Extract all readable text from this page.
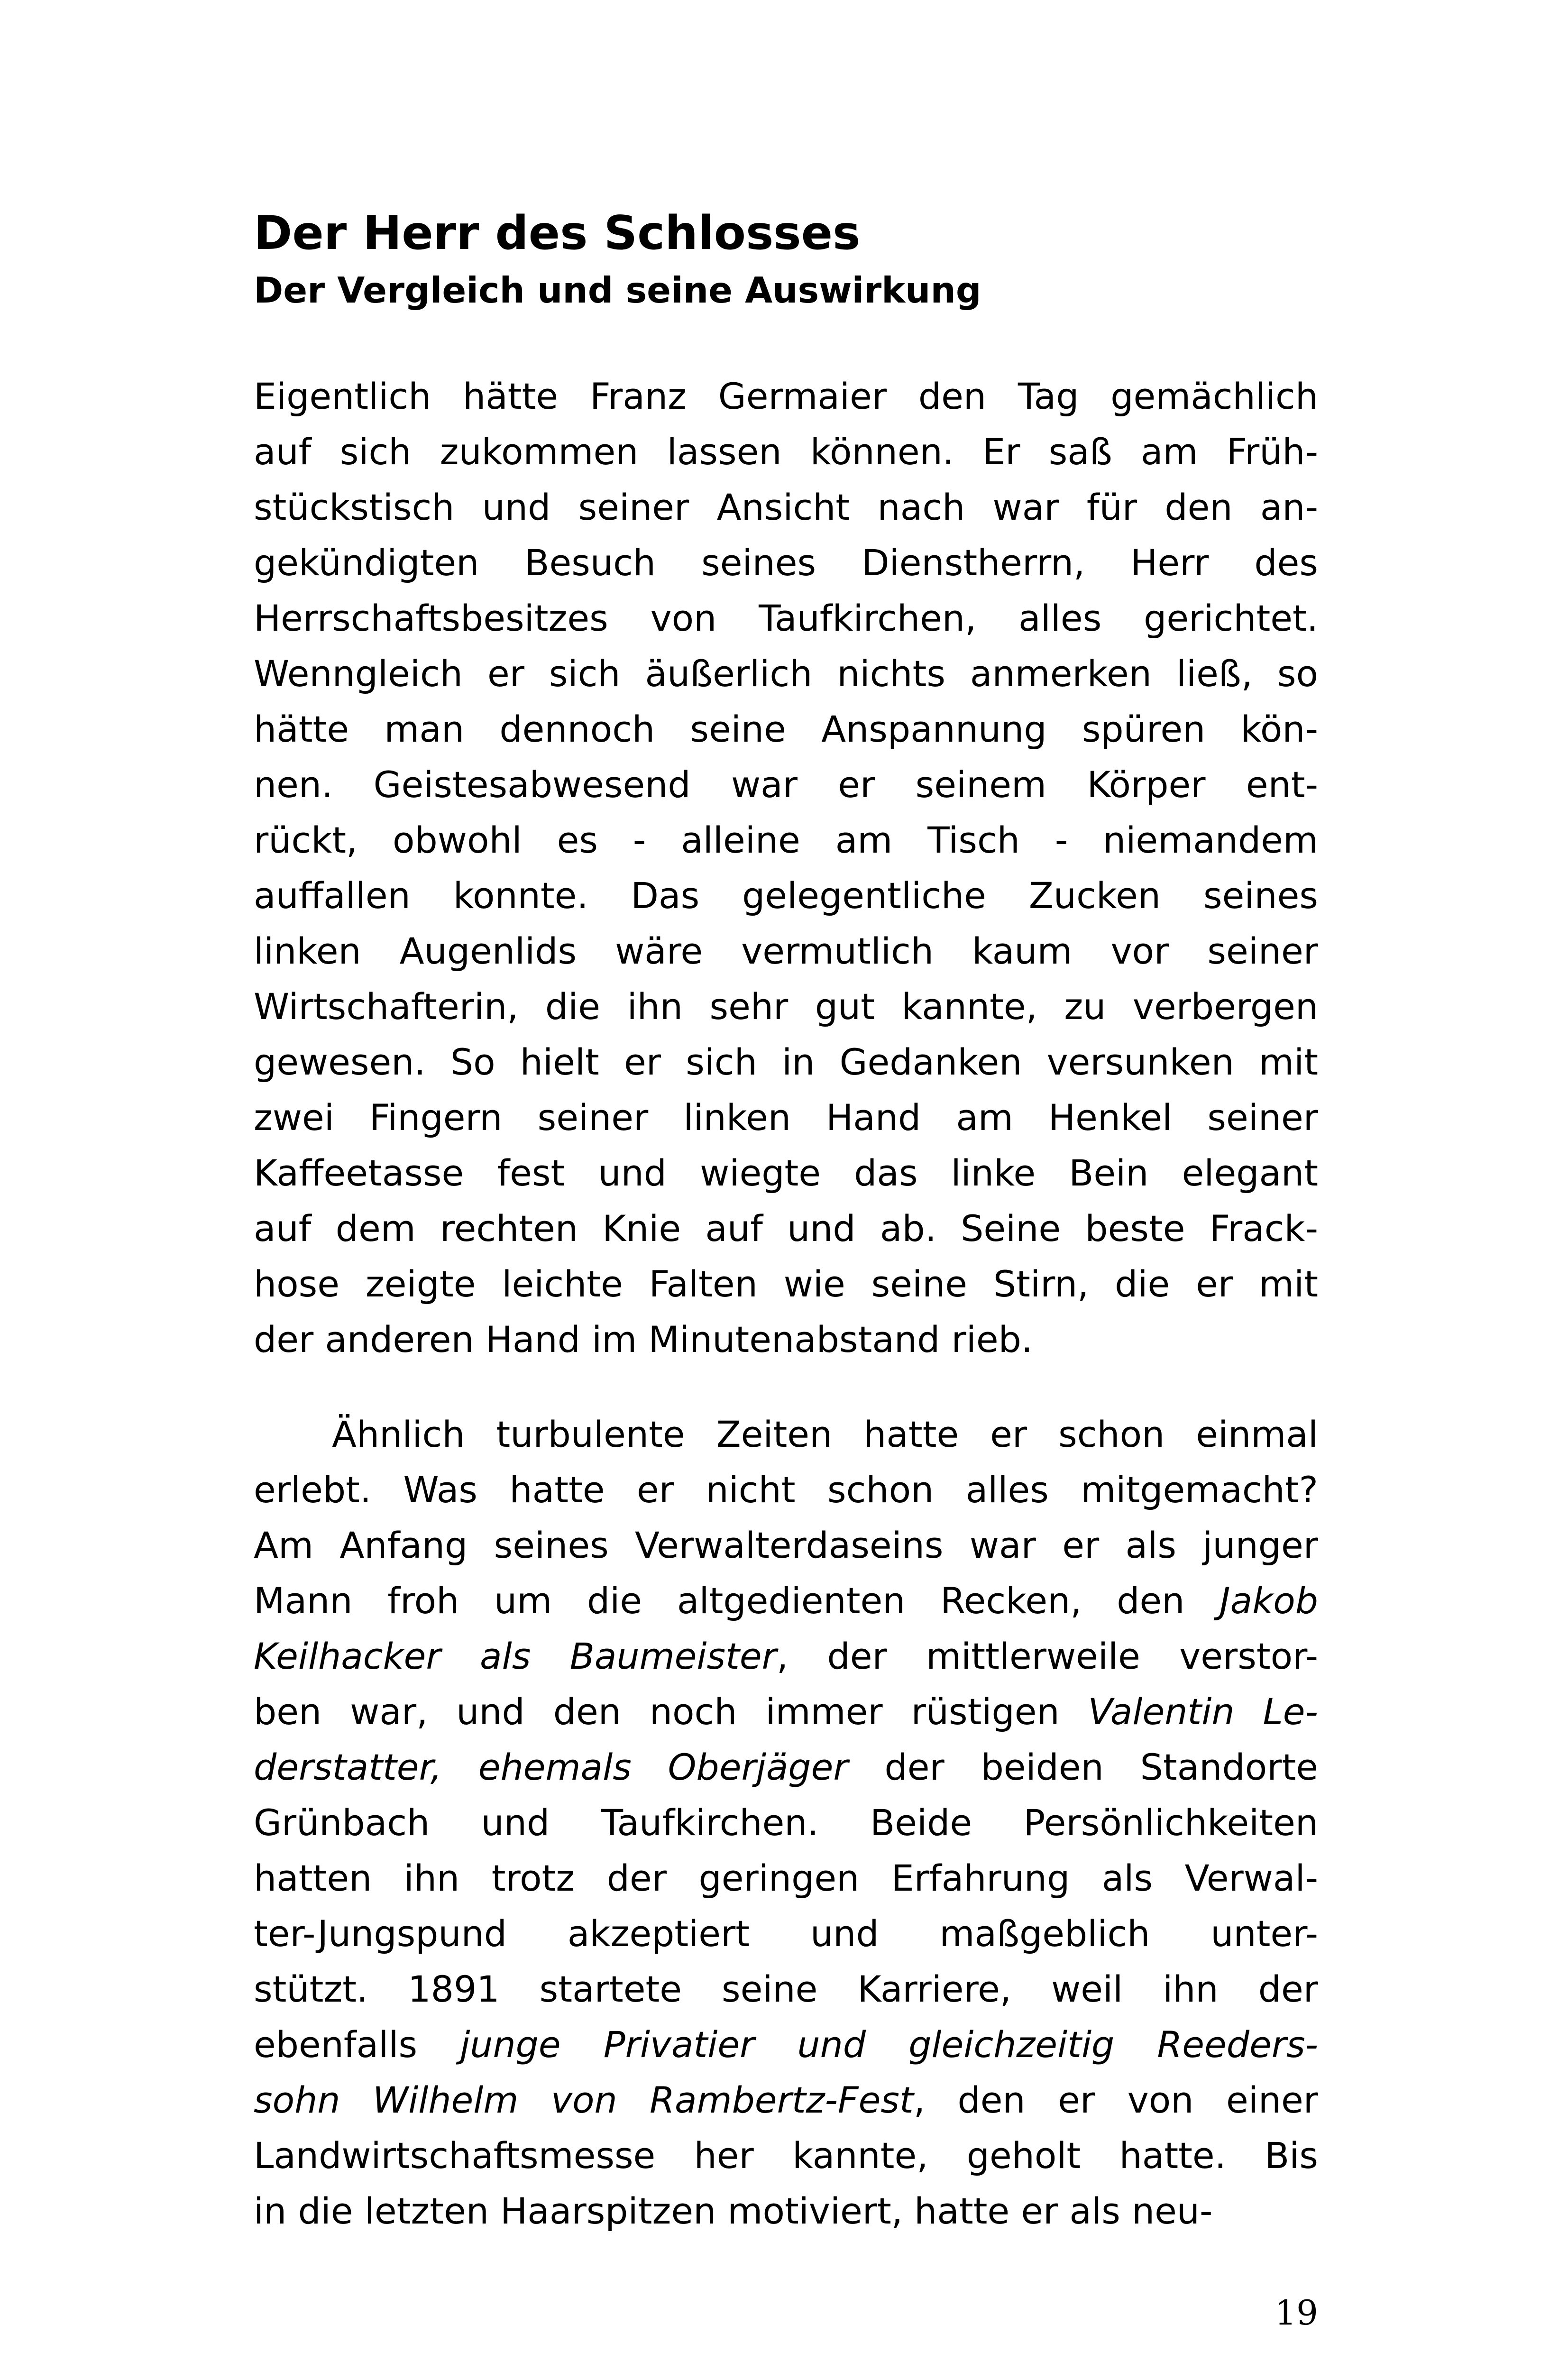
Der Herr des Schlosses
Der Vergleich und seine Auswirkung
Eigentlich hätte Franz Germaier den Tag gemächlich
auf sich zukommen lassen können. Er saß am Früh-
stückstisch und seiner Ansicht nach war für den an-
gekündigten Besuch seines Dienstherrn, Herr des
Herrschaftsbesitzes von Taufkirchen, alles gerichtet.
Wenngleich er sich äußerlich nichts anmerken ließ, so
hätte man dennoch seine Anspannung spüren kön-
nen. Geistesabwesend war er seinem Körper ent-
rückt, obwohl es - alleine am Tisch - niemandem
auffallen konnte. Das gelegentliche Zucken seines
linken Augenlids wäre vermutlich kaum vor seiner
Wirtschafterin, die ihn sehr gut kannte, zu verbergen
gewesen. So hielt er sich in Gedanken versunken mit
zwei Fingern seiner linken Hand am Henkel seiner
Kaffeetasse fest und wiegte das linke Bein elegant
auf dem rechten Knie auf und ab. Seine beste Frack-
hose zeigte leichte Falten wie seine Stirn, die er mit
der anderen Hand im Minutenabstand rieb.
Ähnlich turbulente Zeiten hatte er schon einmal
erlebt. Was hatte er nicht schon alles mitgemacht?
Am Anfang seines Verwalterdaseins war er als junger
Mann froh um die altgedienten Recken, den Jakob
Keilhacker als Baumeister, der mittlerweile verstor-
ben war, und den noch immer rüstigen Valentin Le-
derstatter, ehemals Oberjäger der beiden Standorte
Grünbach und Taufkirchen. Beide Persönlichkeiten
hatten ihn trotz der geringen Erfahrung als Verwal-
ter-Jungspund akzeptiert und maßgeblich unter-
stützt. 1891 startete seine Karriere, weil ihn der
ebenfalls junge Privatier und gleichzeitig Reeders-
sohn Wilhelm von Rambertz-Fest, den er von einer
Landwirtschaftsmesse her kannte, geholt hatte. Bis
in die letzten Haarspitzen motiviert, hatte er als neu-
19
